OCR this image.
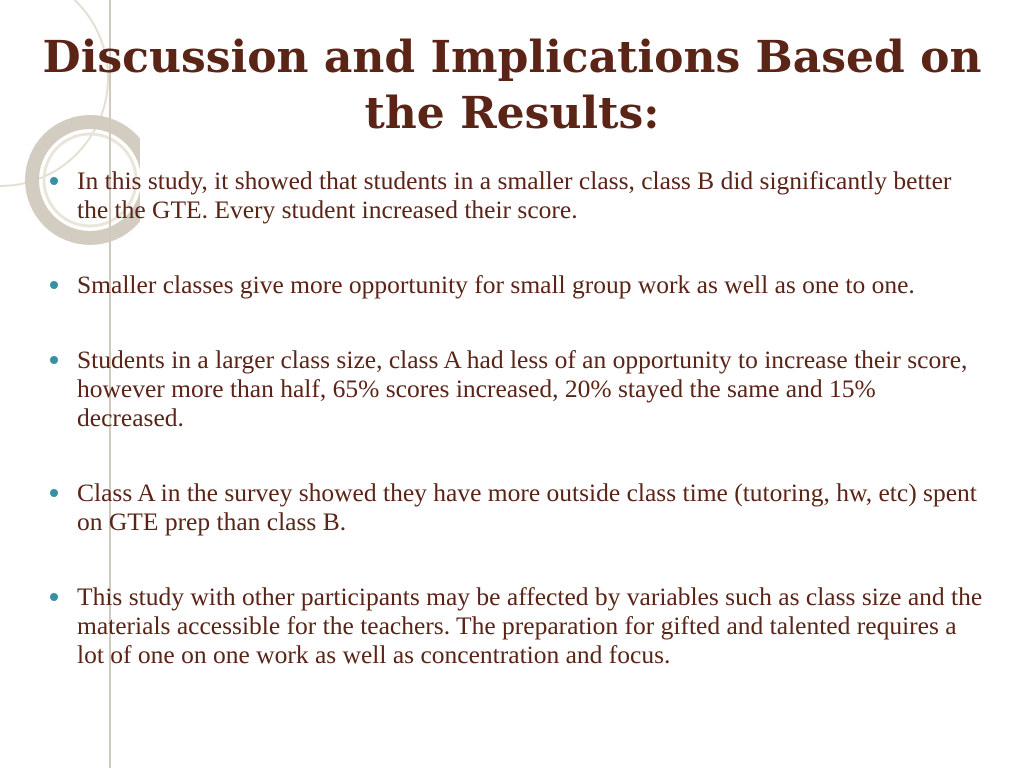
Discussion and Implications Based on the Results:
In this study, it showed that students in a smaller class, class B did significantly better the the GTE. Every student increased their score.
Smaller classes give more opportunity for small group work as well as one to one.
Students in a larger class size, class A had less of an opportunity to increase their score, however more than half, 65% scores increased, 20% stayed the same and 15% decreased.
Class A in the survey showed they have more outside class time (tutoring, hw, etc) spent on GTE prep than class B.
This study with other participants may be affected by variables such as class size and the materials accessible for the teachers. The preparation for gifted and talented requires a lot of one on one work as well as concentration and focus.
